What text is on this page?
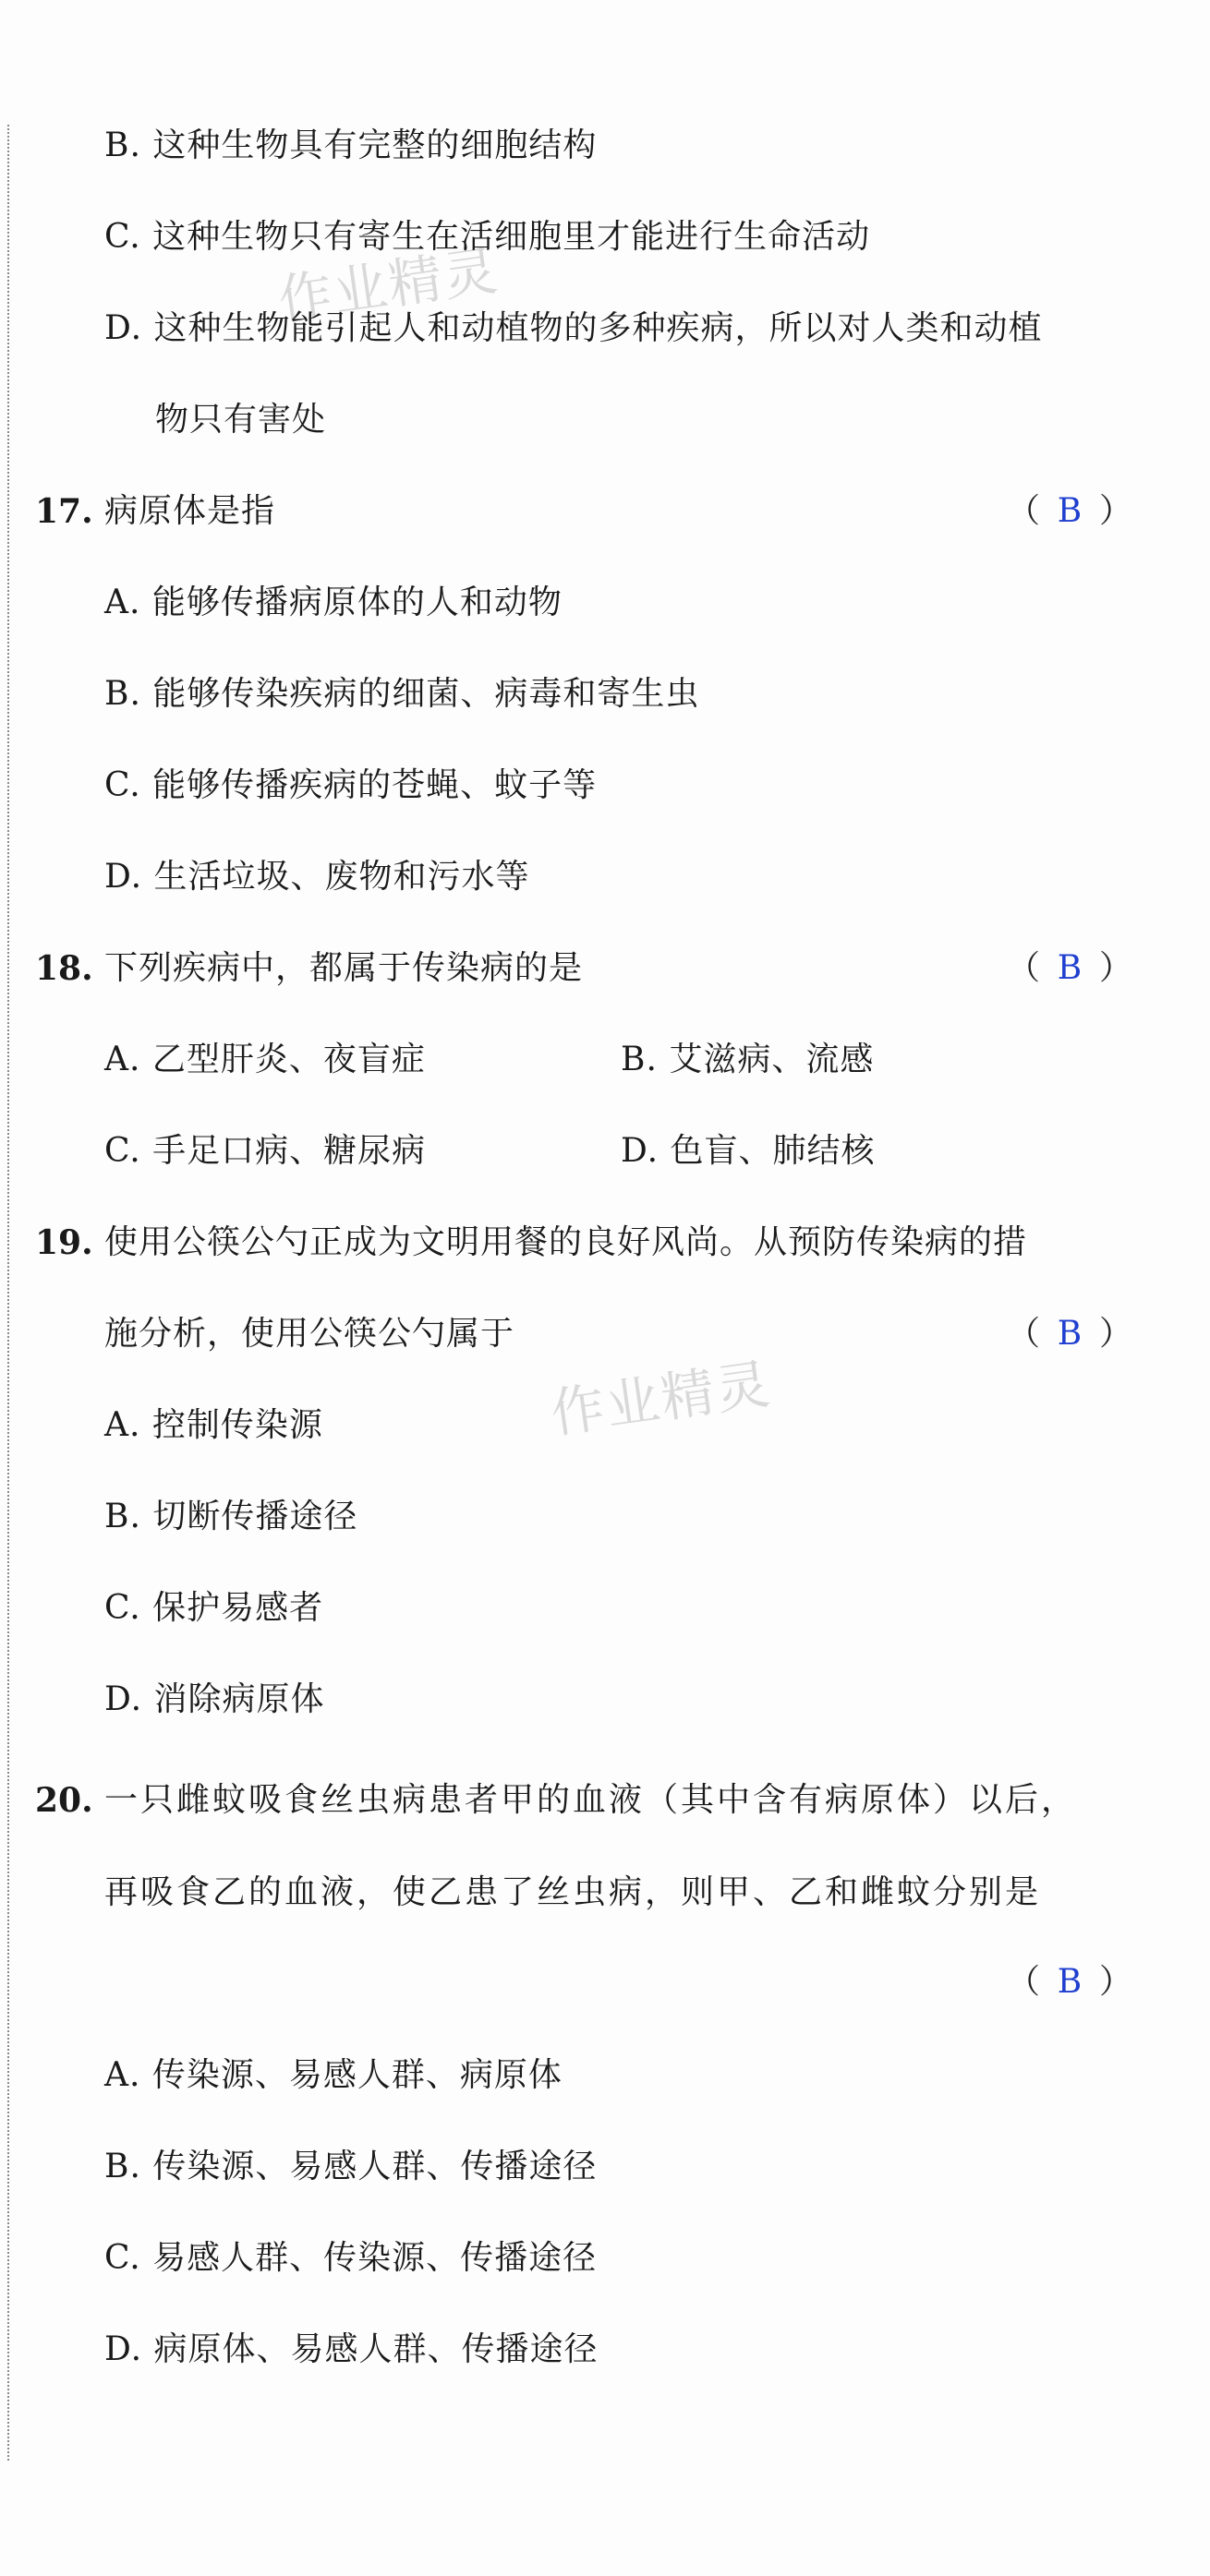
作业精灵
作业精灵
B. 这种生物具有完整的细胞结构
C. 这种生物只有寄生在活细胞里才能进行生命活动
D. 这种生物能引起人和动植物的多种疾病，所以对人类和动植
物只有害处
17. 病原体是指	（ B ）
A. 能够传播病原体的人和动物
B. 能够传染疾病的细菌、病毒和寄生虫
C. 能够传播疾病的苍蝇、蚊子等
D. 生活垃圾、废物和污水等
18. 下列疾病中，都属于传染病的是	（ B ）
A. 乙型肝炎、夜盲症	B. 艾滋病、流感
C. 手足口病、糖尿病	D. 色盲、肺结核
19. 使用公筷公勺正成为文明用餐的良好风尚。从预防传染病的措
施分析，使用公筷公勺属于	（ B ）
A. 控制传染源
B. 切断传播途径
C. 保护易感者
D. 消除病原体
20. 一只雌蚊吸食丝虫病患者甲的血液（其中含有病原体）以后，
再吸食乙的血液，使乙患了丝虫病，则甲、乙和雌蚊分别是
（ B ）
A. 传染源、易感人群、病原体
B. 传染源、易感人群、传播途径
C. 易感人群、传染源、传播途径
D. 病原体、易感人群、传播途径
